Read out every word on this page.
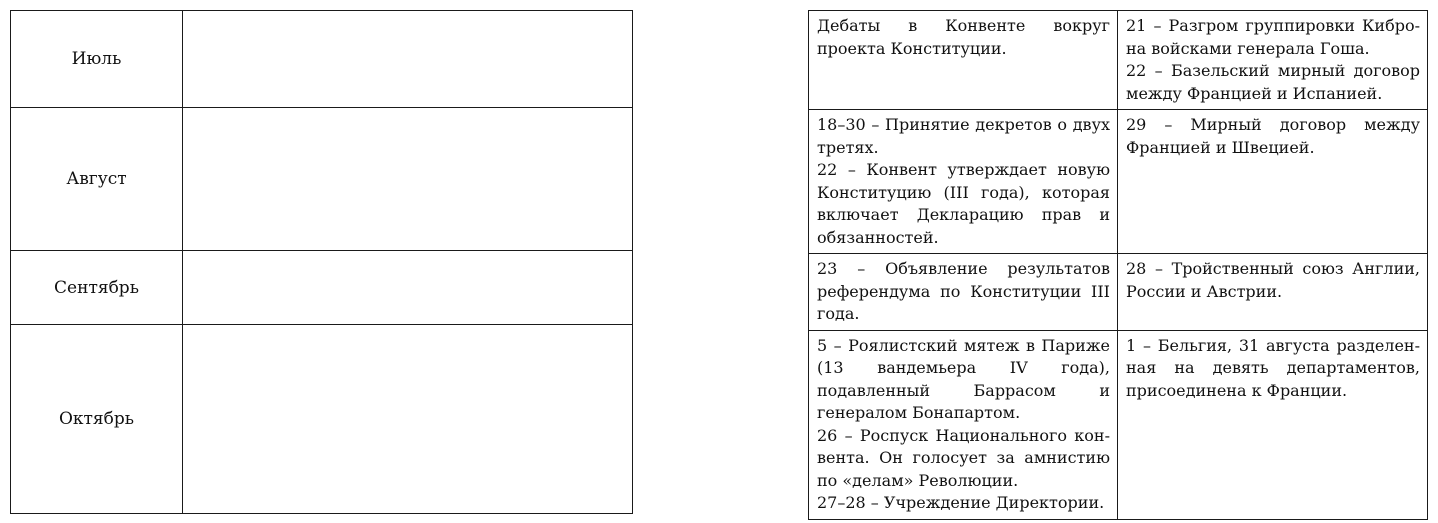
Июль	
Август	
Сентябрь	
Октябрь	
Дебаты в Конвенте вокруг проекта Конституции.	21 – Разгром группировки Киброна войсками генерала Гоша.
22 – Базельский мирный договор между Францией и Испанией.

18–30 – Принятие декретов о двух третях.
22 – Конвент утверждает новую Конституцию (III года), которая включает Декларацию прав и обязанностей.	29 – Мирный договор между Францией и Швецией.

23 – Объявление результатов референдума по Конституции III года.	28 – Тройственный союз Англии, России и Австрии.

5 – Роялистский мятеж в Париже (13 вандемьера IV года), подавленный Баррасом и генералом Бонапартом.
26 – Роспуск Национального конвента. Он голосует за амнистию по «делам» Революции.
27–28 – Учреждение Директории.	1 – Бельгия, 31 августа разделенная на девять департаментов, присоединена к Франции.
